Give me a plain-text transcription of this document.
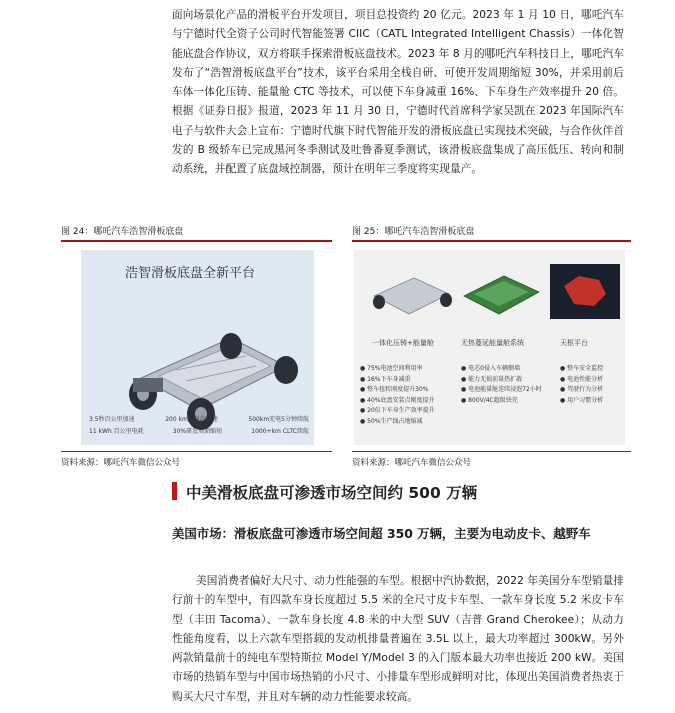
面向场景化产品的滑板平台开发项目，项目总投资约 20 亿元。2023 年 1 月 10 日，哪吒汽车与宁德时代全资子公司时代智能签署 CIIC（CATL Integrated Intelligent Chassis）一体化智能底盘合作协议，双方将联手探索滑板底盘技术。2023 年 8 月的哪吒汽车科技日上，哪吒汽车发布了“浩智滑板底盘平台”技术，该平台采用全栈自研、可使开发周期缩短 30%，并采用前后车体一体化压铸、能量舱 CTC 等技术，可以使下车身减重 16%、下车身生产效率提升 20 倍。根据《证券日报》报道，2023 年 11 月 30 日，宁德时代首席科学家吴凯在 2023 年国际汽车电子与软件大会上宣布：宁德时代旗下时代智能开发的滑板底盘已实现技术突破，与合作伙伴首发的 B 级轿车已完成黑河冬季测试及吐鲁番夏季测试，该滑板底盘集成了高压低压、转向和制动系统，并配置了底盘域控制器，预计在明年三季度将实现量产。

图 24：哪吒汽车浩智滑板底盘
浩智滑板底盘全新平台
3.5秒百公里加速	200 km/h最高车速	500km充电5分钟续航
11 kWh 百公里电耗	30%研发周期缩短	1000+km CLTC续航
资料来源：哪吒汽车微信公众号
图 25：哪吒汽车浩智滑板底盘
一体化压铸+能量舱
● 75%电池空间利用率
● 16%下车身减重
● 整车扭转刚度提升30%
● 40%底盘安装点刚度提升
● 20倍下车身生产效率提升
● 50%生产线占地缩减
无热蔓延能量舱系统
● 电芯0侵入车辆侧墙
● 能力无损前量热扩散
● 电池能量舱连续浸泡72小时
● 800V/4C超级快充
天枢平台
● 整车安全监控
● 电池性能分析
● 驾驶行为分析
● 用户习惯分析
资料来源：哪吒汽车微信公众号
中美滑板底盘可渗透市场空间约 500 万辆
美国市场：滑板底盘可渗透市场空间超 350 万辆，主要为电动皮卡、越野车

美国消费者偏好大尺寸、动力性能强的车型。根据中汽协数据，2022 年美国分车型销量排行前十的车型中，有四款车身长度超过 5.5 米的全尺寸皮卡车型、一款车身长度 5.2 米皮卡车型（丰田 Tacoma）、一款车身长度 4.8 米的中大型 SUV（吉普 Grand Cherokee）；从动力性能角度看，以上六款车型搭载的发动机排量普遍在 3.5L 以上，最大功率超过 300kW。另外两款销量前十的纯电车型特斯拉 Model Y/Model 3 的入门版本最大功率也接近 200 kW。美国市场的热销车型与中国市场热销的小尺寸、小排量车型形成鲜明对比，体现出美国消费者热衷于购买大尺寸车型，并且对车辆的动力性能要求较高。
